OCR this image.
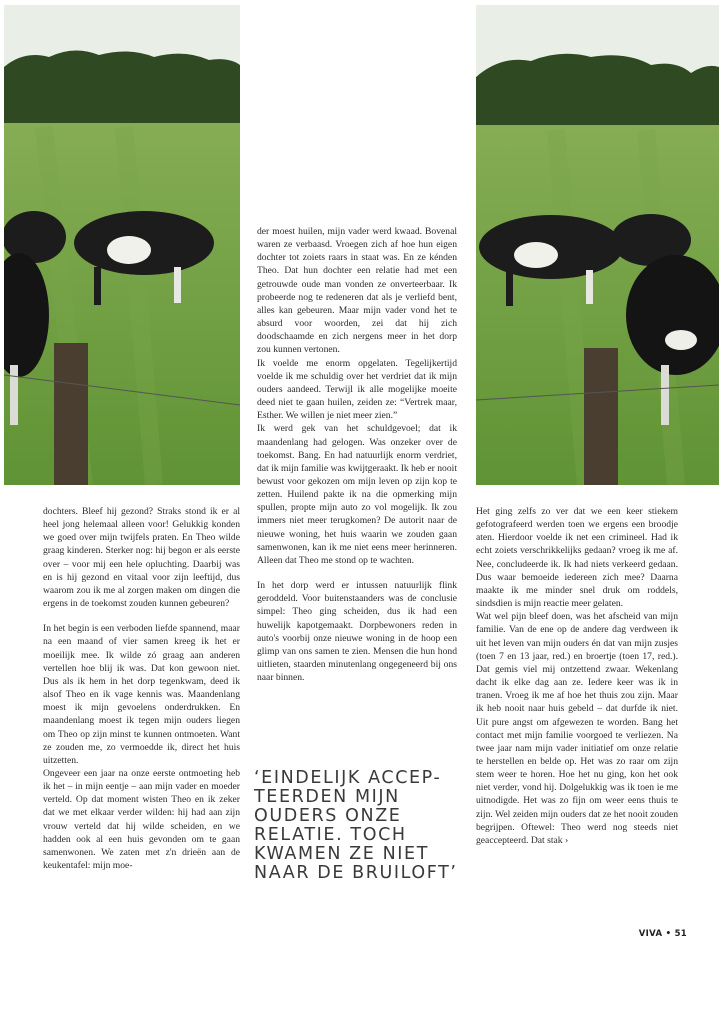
dochters. Bleef hij gezond? Straks stond ik er al heel jong helemaal alleen voor! Gelukkig konden we goed over mijn twijfels praten. En Theo wilde graag kinderen. Sterker nog: hij begon er als eerste over – voor mij een hele opluchting. Daarbij was en is hij gezond en vitaal voor zijn leeftijd, dus waarom zou ik me al zorgen maken om dingen die ergens in de toekomst zouden kunnen gebeuren?

In het begin is een verboden liefde spannend, maar na een maand of vier samen kreeg ik het er moeilijk mee. Ik wilde zó graag aan anderen vertellen hoe blij ik was. Dat kon gewoon niet. Dus als ik hem in het dorp tegenkwam, deed ik alsof Theo en ik vage kennis was. Maandenlang moest ik mijn gevoelens onderdrukken. En maandenlang moest ik tegen mijn ouders liegen om Theo op zijn minst te kunnen ontmoeten. Want ze zouden me, zo vermoedde ik, direct het huis uitzetten.

Ongeveer een jaar na onze eerste ontmoeting heb ik het – in mijn eentje – aan mijn vader en moeder verteld. Op dat moment wisten Theo en ik zeker dat we met elkaar verder wilden: hij had aan zijn vrouw verteld dat hij wilde scheiden, en we hadden ook al een huis gevonden om te gaan samenwonen. We zaten met z'n drieën aan de keukentafel: mijn moe-

der moest huilen, mijn vader werd kwaad. Bovenal waren ze verbaasd. Vroegen zich af hoe hun eigen dochter tot zoiets raars in staat was. En ze kénden Theo. Dat hun dochter een relatie had met een getrouwde oude man vonden ze onverteerbaar. Ik probeerde nog te redeneren dat als je verliefd bent, alles kan gebeuren. Maar mijn vader vond het te absurd voor woorden, zei dat hij zich doodschaamde en zich nergens meer in het dorp zou kunnen vertonen.

Ik voelde me enorm opgelaten. Tegelijkertijd voelde ik me schuldig over het verdriet dat ik mijn ouders aandeed. Terwijl ik alle mogelijke moeite deed niet te gaan huilen, zeiden ze: “Vertrek maar, Esther. We willen je niet meer zien.”

Ik werd gek van het schuldgevoel; dat ik maandenlang had gelogen. Was onzeker over de toekomst. Bang. En had natuurlijk enorm verdriet, dat ik mijn familie was kwijtgeraakt. Ik heb er nooit bewust voor gekozen om mijn leven op zijn kop te zetten. Huilend pakte ik na die opmerking mijn spullen, propte mijn auto zo vol mogelijk. Ik zou immers niet meer terugkomen? De autorit naar de nieuwe woning, het huis waarin we zouden gaan samenwonen, kan ik me niet eens meer herinneren. Alleen dat Theo me stond op te wachten.

In het dorp werd er intussen natuurlijk flink geroddeld. Voor buitenstaanders was de conclusie simpel: Theo ging scheiden, dus ik had een huwelijk kapotgemaakt. Dorpbewoners reden in auto's voorbij onze nieuwe woning in de hoop een glimp van ons samen te zien. Mensen die hun hond uitlieten, staarden minutenlang ongegeneerd bij ons naar binnen.

‘EINDELIJK ACCEP-
TEERDEN MIJN
OUDERS ONZE
RELATIE. TOCH
KWAMEN ZE NIET
NAAR DE BRUILOFT’

Het ging zelfs zo ver dat we een keer stiekem gefotografeerd werden toen we ergens een broodje aten. Hierdoor voelde ik net een crimineel. Had ik echt zoiets verschrikkelijks gedaan? vroeg ik me af. Nee, concludeerde ik. Ik had niets verkeerd gedaan. Dus waar bemoeide iedereen zich mee? Daarna maakte ik me minder snel druk om roddels, sindsdien is mijn reactie meer gelaten.

Wat wel pijn bleef doen, was het afscheid van mijn familie. Van de ene op de andere dag verdween ik uit het leven van mijn ouders én dat van mijn zusjes (toen 7 en 13 jaar, red.) en broertje (toen 17, red.). Dat gemis viel mij ontzettend zwaar. Wekenlang dacht ik elke dag aan ze. Iedere keer was ik in tranen. Vroeg ik me af hoe het thuis zou zijn. Maar ik heb nooit naar huis gebeld – dat durfde ik niet. Uit pure angst om afgewezen te worden. Bang het contact met mijn familie voorgoed te verliezen. Na twee jaar nam mijn vader initiatief om onze relatie te herstellen en belde op. Het was zo raar om zijn stem weer te horen. Hoe het nu ging, kon het ook niet verder, vond hij. Dolgelukkig was ik toen ie me uitnodigde. Het was zo fijn om weer eens thuis te zijn. Wel zeiden mijn ouders dat ze het nooit zouden begrijpen. Oftewel: Theo werd nog steeds niet geaccepteerd. Dat stak ›

VIVA • 51
